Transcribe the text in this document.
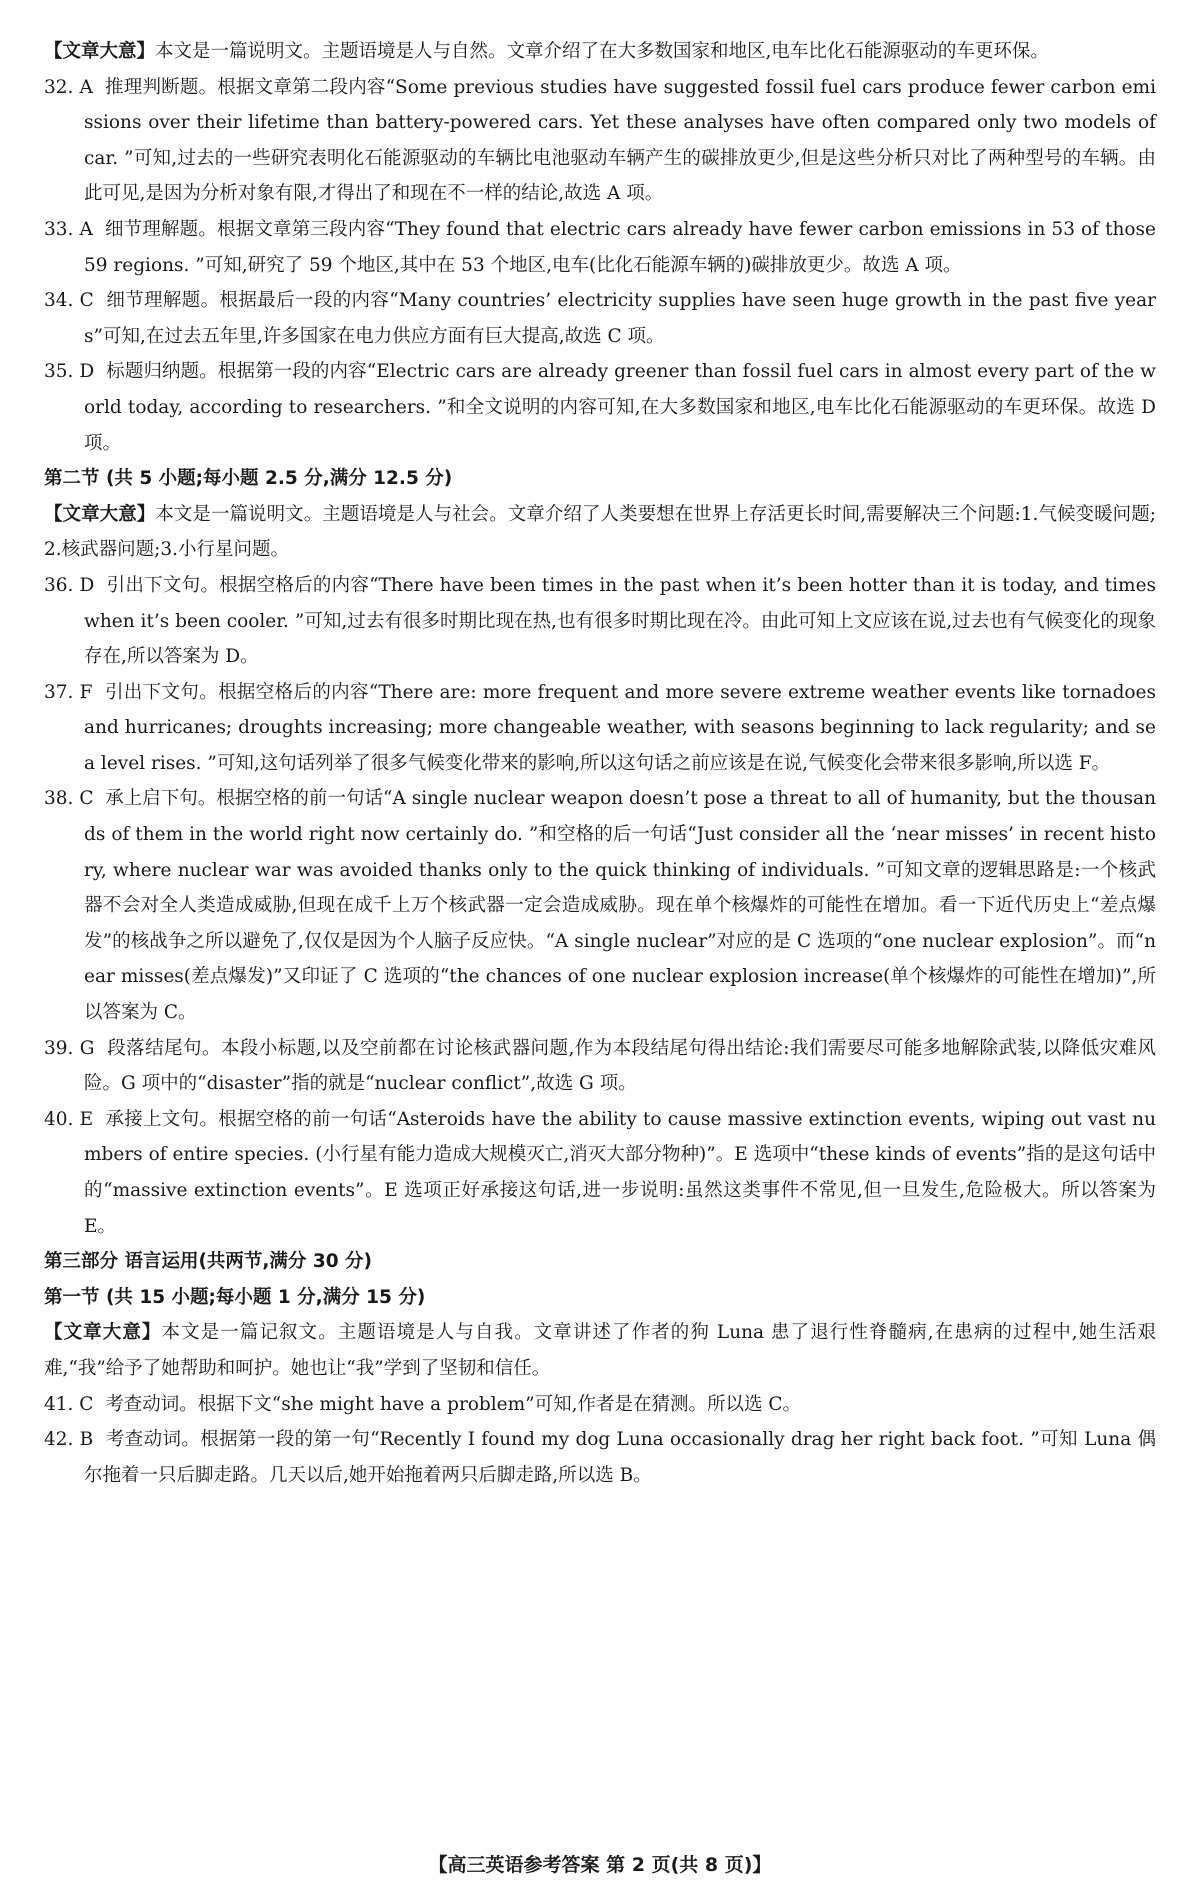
【文章大意】本文是一篇说明文。主题语境是人与自然。文章介绍了在大多数国家和地区,电车比化石能源驱动的车更环保。

32. A 推理判断题。根据文章第二段内容“Some previous studies have suggested fossil fuel cars produce fewer carbon emissions over their lifetime than battery-powered cars. Yet these analyses have often compared only two models of car. ”可知,过去的一些研究表明化石能源驱动的车辆比电池驱动车辆产生的碳排放更少,但是这些分析只对比了两种型号的车辆。由此可见,是因为分析对象有限,才得出了和现在不一样的结论,故选 A 项。

33. A 细节理解题。根据文章第三段内容“They found that electric cars already have fewer carbon emissions in 53 of those 59 regions. ”可知,研究了 59 个地区,其中在 53 个地区,电车(比化石能源车辆的)碳排放更少。故选 A 项。

34. C 细节理解题。根据最后一段的内容“Many countries’ electricity supplies have seen huge growth in the past five years”可知,在过去五年里,许多国家在电力供应方面有巨大提高,故选 C 项。

35. D 标题归纳题。根据第一段的内容“Electric cars are already greener than fossil fuel cars in almost every part of the world today, according to researchers. ”和全文说明的内容可知,在大多数国家和地区,电车比化石能源驱动的车更环保。故选 D 项。

第二节 (共 5 小题;每小题 2.5 分,满分 12.5 分)

【文章大意】本文是一篇说明文。主题语境是人与社会。文章介绍了人类要想在世界上存活更长时间,需要解决三个问题:1.气候变暖问题;2.核武器问题;3.小行星问题。

36. D 引出下文句。根据空格后的内容“There have been times in the past when it’s been hotter than it is today, and times when it’s been cooler. ”可知,过去有很多时期比现在热,也有很多时期比现在冷。由此可知上文应该在说,过去也有气候变化的现象存在,所以答案为 D。

37. F 引出下文句。根据空格后的内容“There are: more frequent and more severe extreme weather events like tornadoes and hurricanes; droughts increasing; more changeable weather, with seasons beginning to lack regularity; and sea level rises. ”可知,这句话列举了很多气候变化带来的影响,所以这句话之前应该是在说,气候变化会带来很多影响,所以选 F。

38. C 承上启下句。根据空格的前一句话“A single nuclear weapon doesn’t pose a threat to all of humanity, but the thousands of them in the world right now certainly do. ”和空格的后一句话“Just consider all the ‘near misses’ in recent history, where nuclear war was avoided thanks only to the quick thinking of individuals. ”可知文章的逻辑思路是:一个核武器不会对全人类造成威胁,但现在成千上万个核武器一定会造成威胁。现在单个核爆炸的可能性在增加。看一下近代历史上“差点爆发”的核战争之所以避免了,仅仅是因为个人脑子反应快。“A single nuclear”对应的是 C 选项的“one nuclear explosion”。而“near misses(差点爆发)”又印证了 C 选项的“the chances of one nuclear explosion increase(单个核爆炸的可能性在增加)”,所以答案为 C。

39. G 段落结尾句。本段小标题,以及空前都在讨论核武器问题,作为本段结尾句得出结论:我们需要尽可能多地解除武装,以降低灾难风险。G 项中的“disaster”指的就是“nuclear conflict”,故选 G 项。

40. E 承接上文句。根据空格的前一句话“Asteroids have the ability to cause massive extinction events, wiping out vast numbers of entire species. (小行星有能力造成大规模灭亡,消灭大部分物种)”。E 选项中“these kinds of events”指的是这句话中的“massive extinction events”。E 选项正好承接这句话,进一步说明:虽然这类事件不常见,但一旦发生,危险极大。所以答案为 E。

第三部分 语言运用(共两节,满分 30 分)

第一节 (共 15 小题;每小题 1 分,满分 15 分)

【文章大意】本文是一篇记叙文。主题语境是人与自我。文章讲述了作者的狗 Luna 患了退行性脊髓病,在患病的过程中,她生活艰难,“我”给予了她帮助和呵护。她也让“我”学到了坚韧和信任。

41. C 考查动词。根据下文“she might have a problem”可知,作者是在猜测。所以选 C。

42. B 考查动词。根据第一段的第一句“Recently I found my dog Luna occasionally drag her right back foot. ”可知 Luna 偶尔拖着一只后脚走路。几天以后,她开始拖着两只后脚走路,所以选 B。

【高三英语参考答案 第 2 页(共 8 页)】
